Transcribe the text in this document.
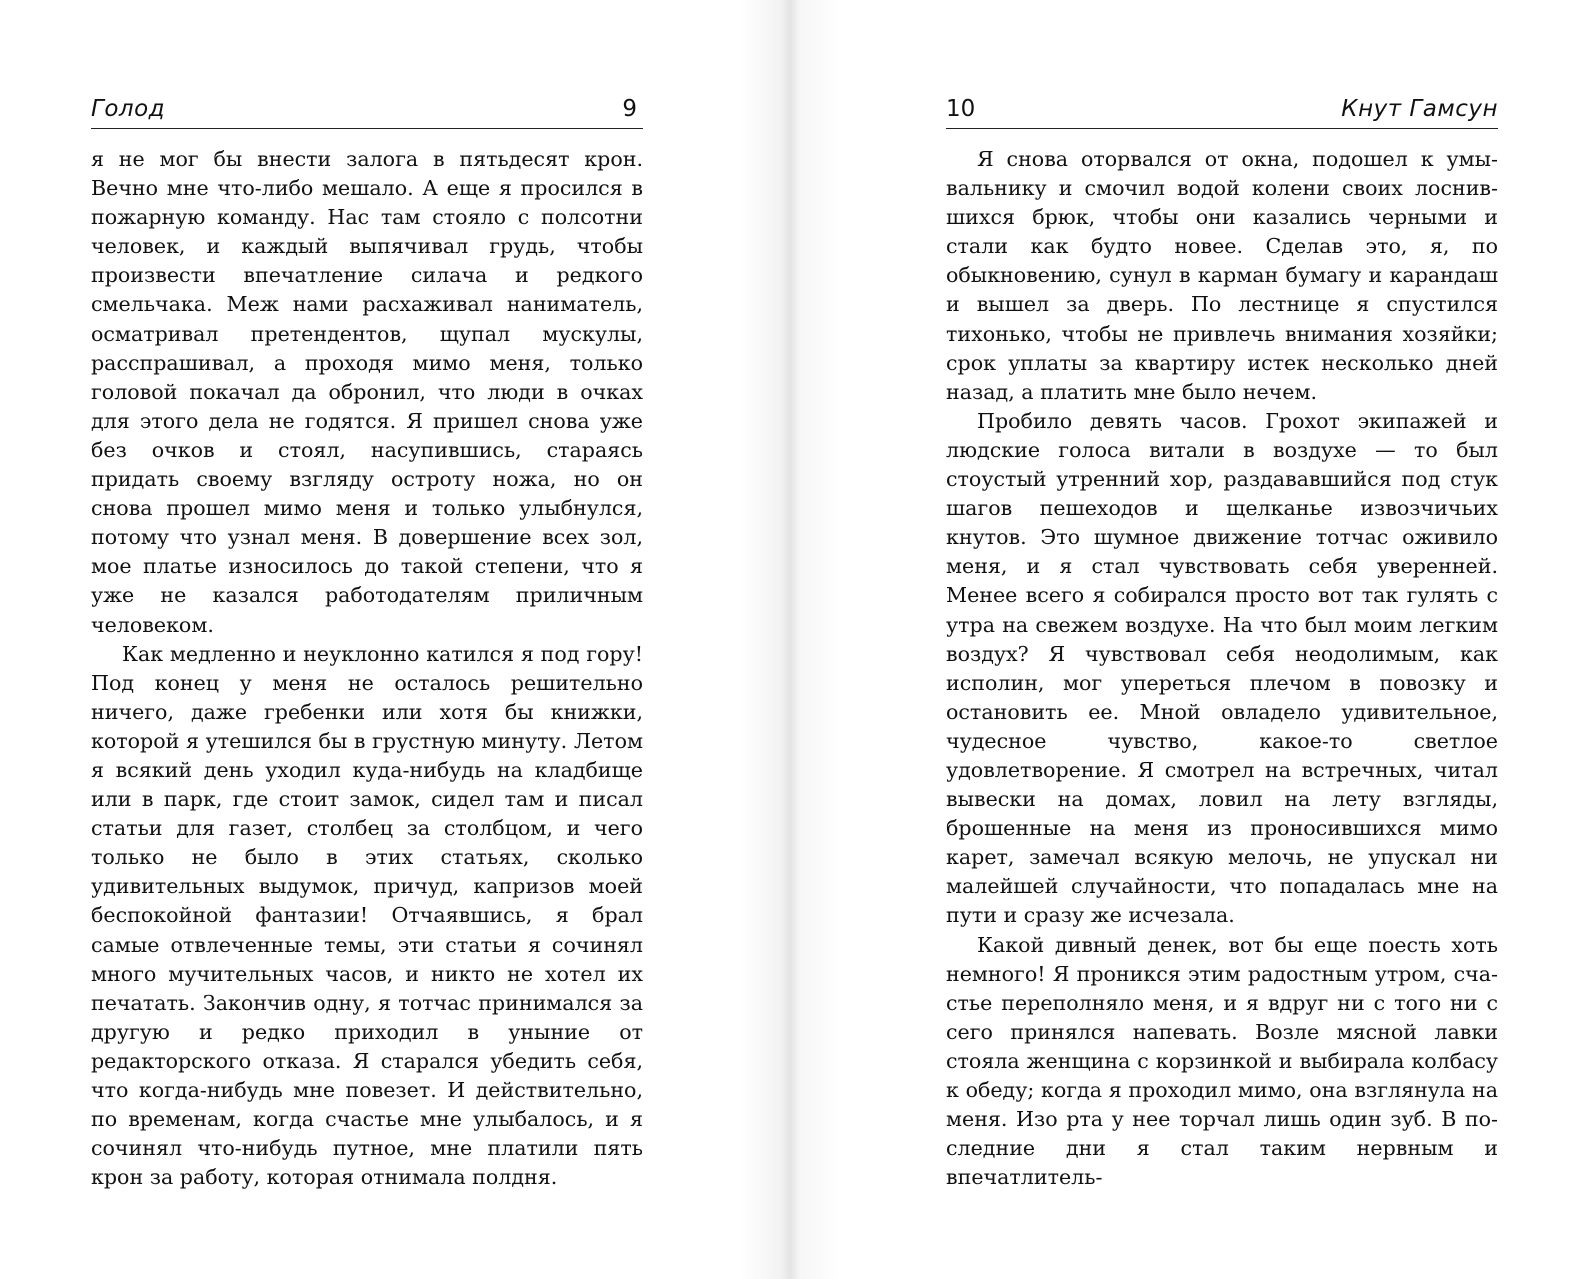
Голод	9

я не мог бы внести залога в пятьдесят крон. Вечно мне что-либо мешало. А еще я просился в пожарную команду. Нас там стояло с полсотни человек, и каждый выпячивал грудь, чтобы произвести впечатление силача и редкого смельчака. Меж нами расхаживал наниматель, осматривал претендентов, щупал мускулы, расспрашивал, а проходя мимо меня, только головой покачал да обронил, что люди в очках для этого дела не годятся. Я пришел снова уже без очков и стоял, насупившись, стараясь придать своему взгляду остроту ножа, но он снова прошел мимо меня и только улыбнулся, потому что узнал меня. В довершение всех зол, мое платье износилось до такой степени, что я уже не казался работодателям приличным человеком.

Как медленно и неуклонно катился я под гору! Под конец у меня не осталось решительно ничего, даже гребенки или хотя бы книжки, которой я утешился бы в грустную минуту. Летом я всякий день уходил куда-нибудь на кладбище или в парк, где стоит замок, сидел там и писал статьи для газет, столбец за столбцом, и чего только не было в этих статьях, сколько удивительных выдумок, причуд, капризов моей беспокойной фантазии! Отчаявшись, я брал самые отвлеченные темы, эти статьи я сочинял много мучительных часов, и никто не хотел их печатать. Закончив одну, я тотчас принимался за другую и редко приходил в уныние от редакторского отказа. Я старался убедить себя, что когда-нибудь мне повезет. И действительно, по временам, когда счастье мне улыбалось, и я сочинял что-нибудь путное, мне платили пять крон за работу, которая отнимала полдня.

10	Кнут Гамсун

Я снова оторвался от окна, подошел к умывальнику и смочил водой колени своих лоснившихся брюк, чтобы они казались черными и стали как будто новее. Сделав это, я, по обыкновению, сунул в карман бумагу и карандаш и вышел за дверь. По лестнице я спустился тихонько, чтобы не привлечь внимания хозяйки; срок уплаты за квартиру истек несколько дней назад, а платить мне было нечем.

Пробило девять часов. Грохот экипажей и людские голоса витали в воздухе — то был стоустый утренний хор, раздававшийся под стук шагов пешеходов и щелканье извозчичьих кнутов. Это шумное движение тотчас оживило меня, и я стал чувствовать себя уверенней. Менее всего я собирался просто вот так гулять с утра на свежем воздухе. На что был моим легким воздух? Я чувствовал себя неодолимым, как исполин, мог упереться плечом в повозку и остановить ее. Мной овладело удивительное, чудесное чувство, какое-то светлое удовлетворение. Я смотрел на встречных, читал вывески на домах, ловил на лету взгляды, брошенные на меня из проносившихся мимо карет, замечал всякую мелочь, не упускал ни малейшей случайности, что попадалась мне на пути и сразу же исчезала.

Какой дивный денек, вот бы еще поесть хоть немного! Я проникся этим радостным утром, счастье переполняло меня, и я вдруг ни с того ни с сего принялся напевать. Возле мясной лавки стояла женщина с корзинкой и выбирала колбасу к обеду; когда я проходил мимо, она взглянула на меня. Изо рта у нее торчал лишь один зуб. В последние дни я стал таким нервным и впечатлитель-
